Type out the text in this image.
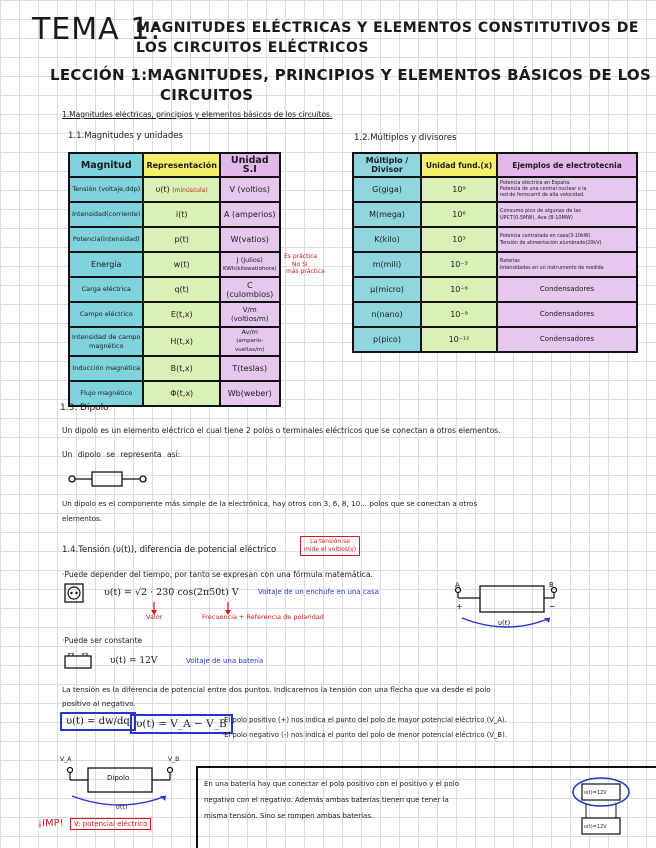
TEMA 1:
MAGNITUDES ELÉCTRICAS Y ELEMENTOS CONSTITUTIVOS DE
LOS CIRCUITOS ELÉCTRICOS
LECCIÓN 1:MAGNITUDES, PRINCIPIOS Y ELEMENTOS BÁSICOS DE LOS
CIRCUITOS
1.Magnitudes eléctricas, principios y elementos básicos de los circuitos.
1.1.Magnitudes y unidades	1.2.Múltiplos y divisores
Magnitud	Representación	Unidad S.I
Tensión (voltaje,ddp)	υ(t) (minúscula)	V (voltios)
Intensidad(corriente)	i(t)	A (amperios)
Potencia(intensidad)	p(t)	W(vatios)
Energía	w(t)	J (Julios)
KWh(kilowatiohora)

Carga eléctrica	q(t)	C (culombios)
Campo eléctrico	E(t,x)	V/m (voltios/m)
Intensidad de campo magnético	H(t,x)	Av/m
(amperio-vueltas/m)

Inducción magnética	B(t,x)	T(teslas)
Flujo magnético	Φ(t,x)	Wb(weber)
Es práctica
No SI
más práctica
Múltiplo / Divisor	Unidad fund.(x)	Ejemplos de electrotecnia
G(giga)	10⁹	Potencia eléctrica en España.
Potencia de una central nuclear o la
red de ferrocarril de alta velocidad.

M(mega)	10⁶	Consumo pico de algunas de las
UPCT(0.5MW). Ave (8-10MW)

K(kilo)	10³	Potencia contratada en casa(3-10kW)
Tensión de alimentación alumbrado(20kV)

m(mili)	10⁻³	Baterías
Intensidades en un instrumento de medida

μ(micro)	10⁻⁶	Condensadores
n(nano)	10⁻⁹	Condensadores
p(pico)	10⁻¹²	Condensadores
1.3. Dipolo
Un dipolo es un elemento eléctrico el cual tiene 2 polos o terminales eléctricos que se conectan a otros elementos.
Un dipolo se representa así:
Un dipolo es el componente más simple de la electrónica, hay otros con 3, 6, 8, 10... polos que se conectan a otros
elementos.
1.4.Tensión (υ(t)), diferencia de potencial eléctrico
La tensión se
mide el voltíos(v)
·Puede depender del tiempo, por tanto se expresan con una fórmula matemática.
υ(t) = √2 · 230 cos(2π50t) V	Voltaje de un enchufe en una casa
Valor	Frecuencia + Referencia de polaridad
A	B
+	−
υ(t)
·Puede ser constante
υ(t) = 12V	Voltaje de una batería
La tensión es la diferencia de potencial entre dos puntos. Indicaremos la tensión con una flecha que va desde el polo
positivo al negativo.
υ(t) = dw/dq υ(t) = V_A − V_B
·El polo positivo (+) nos indica el punto del polo de mayor potencial eléctrico (V_A).
·El polo negativo (-) nos indica el punto del polo de menor potencial eléctrico (V_B).
Dipolo
V_A	V_B
υ(t)
¡IMP!	V: potencial eléctrico
En una batería hay que conectar el polo positivo con el positivo y el polo
negativo con el negativo. Además ambas baterías tienen que tener la
misma tensión. Sino se rompen ambas baterías.
υ(t)=12V
υ(t)=12V
